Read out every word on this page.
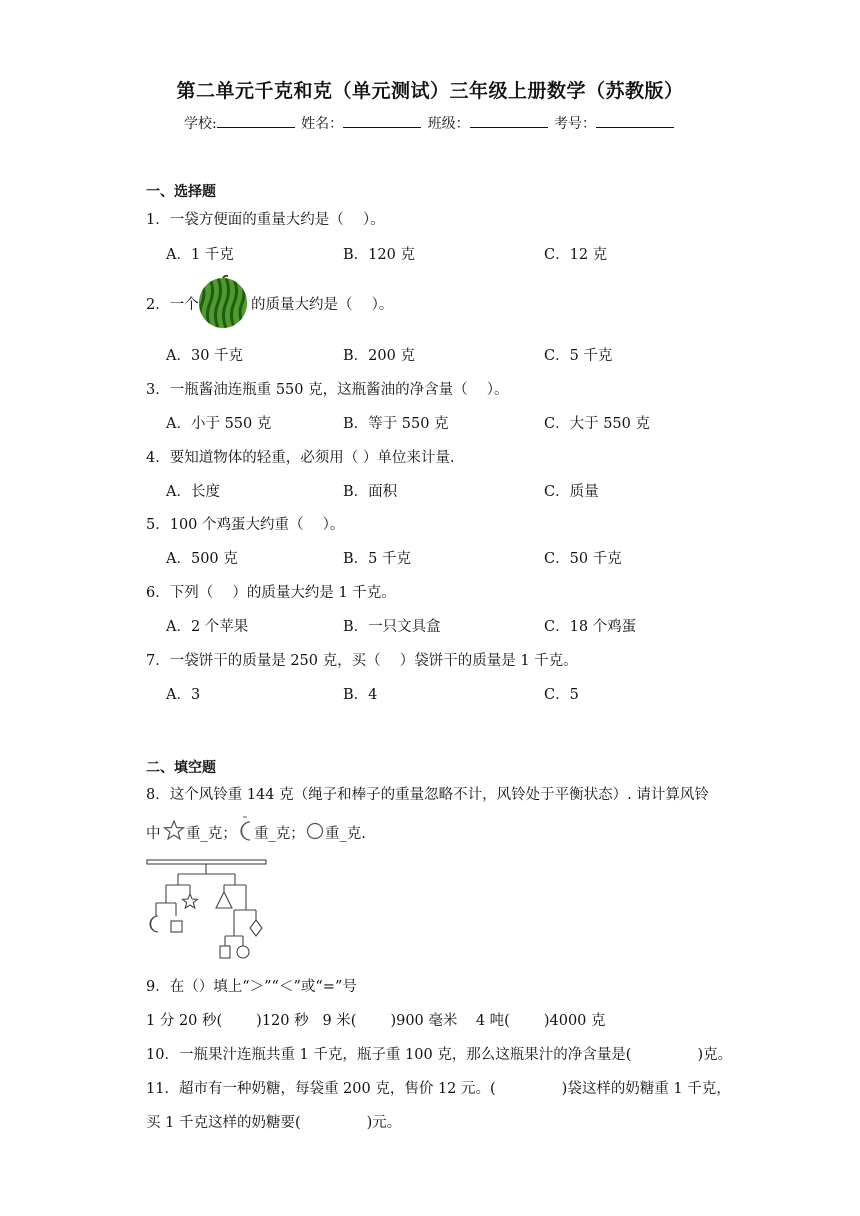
第二单元千克和克（单元测试）三年级上册数学（苏教版）
学校:	姓名：	班级：	考号：
一、选择题
1．一袋方便面的重量大约是（　 ）。
A．1 千克	B．120 克	C．12 克
2．一个	的质量大约是（　 ）。
A．30 千克	B．200 克	C．5 千克
3．一瓶酱油连瓶重 550 克，这瓶酱油的净含量（　 ）。
A．小于 550 克	B．等于 550 克	C．大于 550 克
4．要知道物体的轻重，必须用（ ）单位来计量.
A．长度	B．面积	C．质量
5．100 个鸡蛋大约重（　 ）。
A．500 克	B．5 千克	C．50 千克
6．下列（　 ）的质量大约是 1 千克。
A．2 个苹果	B．一只文具盒	C．18 个鸡蛋
7．一袋饼干的质量是 250 克，买（　 ）袋饼干的质量是 1 千克。
A．3	B．4	C．5
二、填空题
8．这个风铃重 144 克（绳子和棒子的重量忽略不计，风铃处于平衡状态）. 请计算风铃
中 重_克； 重_克； 重_克.
9．在（）填上“＞”“＜”或“=”号
1 分 20 秒( )120 秒 9 米( )900 毫米 4 吨( )4000 克
10．一瓶果汁连瓶共重 1 千克，瓶子重 100 克，那么这瓶果汁的净含量是(	)克。
11．超市有一种奶糖，每袋重 200 克，售价 12 元。(	)袋这样的奶糖重 1 千克，
买 1 千克这样的奶糖要(	)元。
